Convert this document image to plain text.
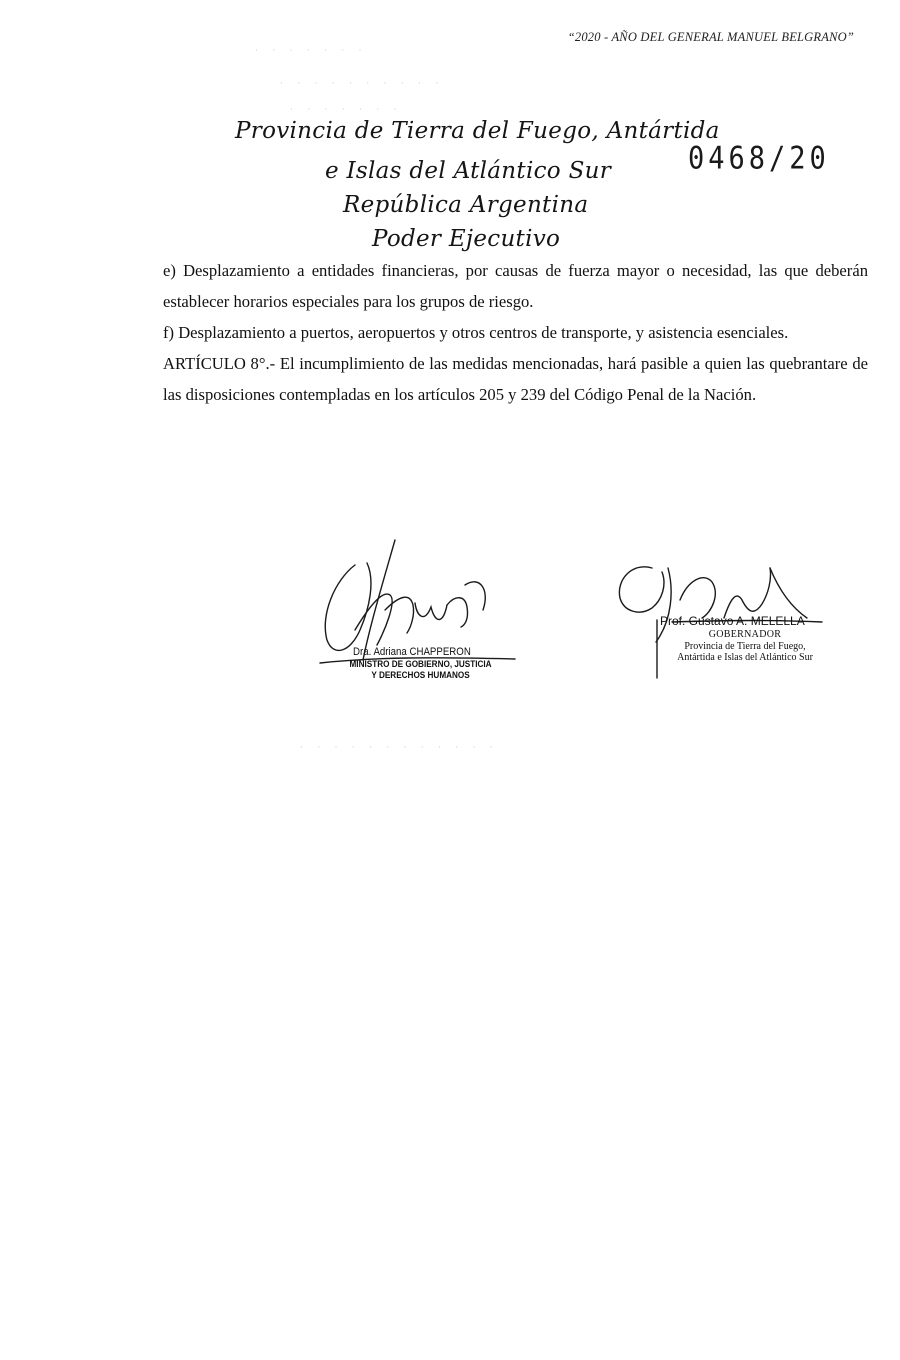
“2020 - AÑO DEL GENERAL MANUEL BELGRANO”
· · · · · · ·
· · · · · · · · · ·
· · · · · · ·
· · · · · · · · · · · ·
Provincia de Tierra del Fuego, Antártida
e Islas del Atlántico Sur
República Argentina
Poder Ejecutivo
0468/20

e) Desplazamiento a entidades financieras, por causas de fuerza mayor o necesidad, las que deberán establecer horarios especiales para los grupos de riesgo.

f) Desplazamiento a puertos, aeropuertos y otros centros de transporte, y asistencia esenciales.

ARTÍCULO 8°.- El incumplimiento de las medidas mencionadas, hará pasible a quien las quebrantare de las disposiciones contempladas en los artículos 205 y 239 del Código Penal de la Nación.

Dra. Adriana CHAPPERON
MINISTRO DE GOBIERNO, JUSTICIA
Y DERECHOS HUMANOS
Prof. Gustavo A. MELELLA
GOBERNADOR
Provincia de Tierra del Fuego,
Antártida e Islas del Atlántico Sur
